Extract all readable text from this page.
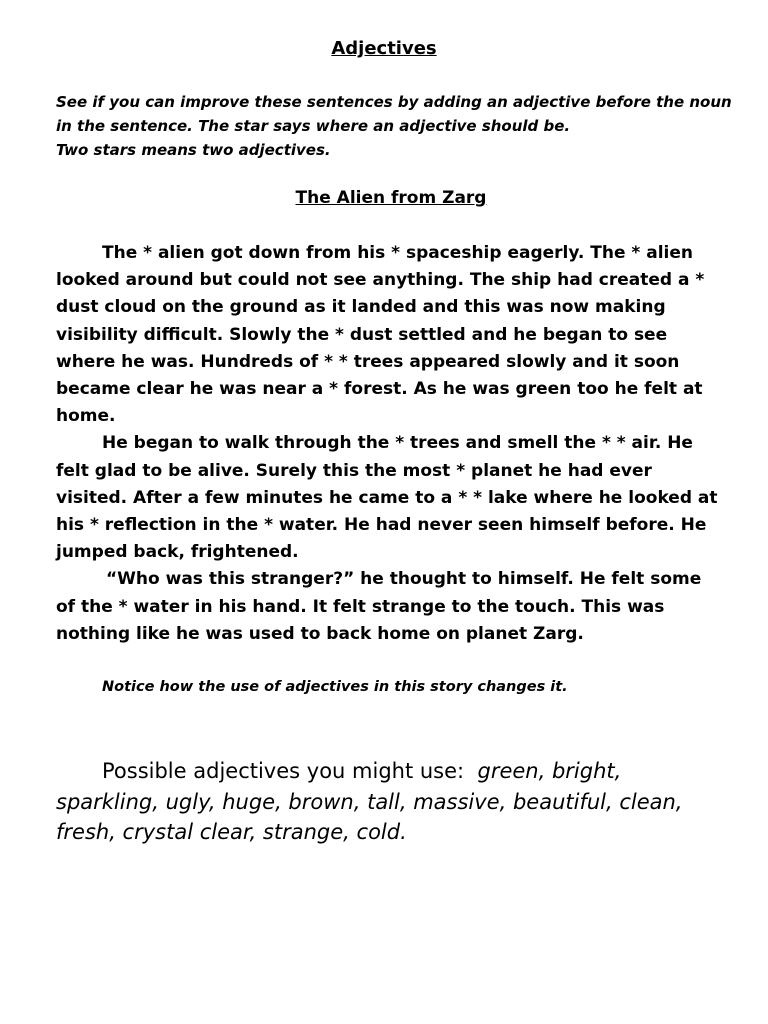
Adjectives

See if you can improve these sentences by adding an adjective before the noun in the sentence. The star says where an adjective should be.

Two stars means two adjectives.

The Alien from Zarg

The * alien got down from his * spaceship eagerly. The * alien looked around but could not see anything. The ship had created a * dust cloud on the ground as it landed and this was now making visibility difficult. Slowly the * dust settled and he began to see where he was. Hundreds of * * trees appeared slowly and it soon became clear he was near a * forest. As he was green too he felt at home.

He began to walk through the * trees and smell the * * air. He felt glad to be alive. Surely this the most * planet he had ever visited. After a few minutes he came to a * * lake where he looked at his * reflection in the * water. He had never seen himself before. He jumped back, frightened.

“Who was this stranger?” he thought to himself. He felt some of the * water in his hand. It felt strange to the touch. This was nothing like he was used to back home on planet Zarg.

Notice how the use of adjectives in this story changes it.
Possible adjectives you might use: green, bright, sparkling, ugly, huge, brown, tall, massive, beautiful, clean, fresh, crystal clear, strange, cold.
